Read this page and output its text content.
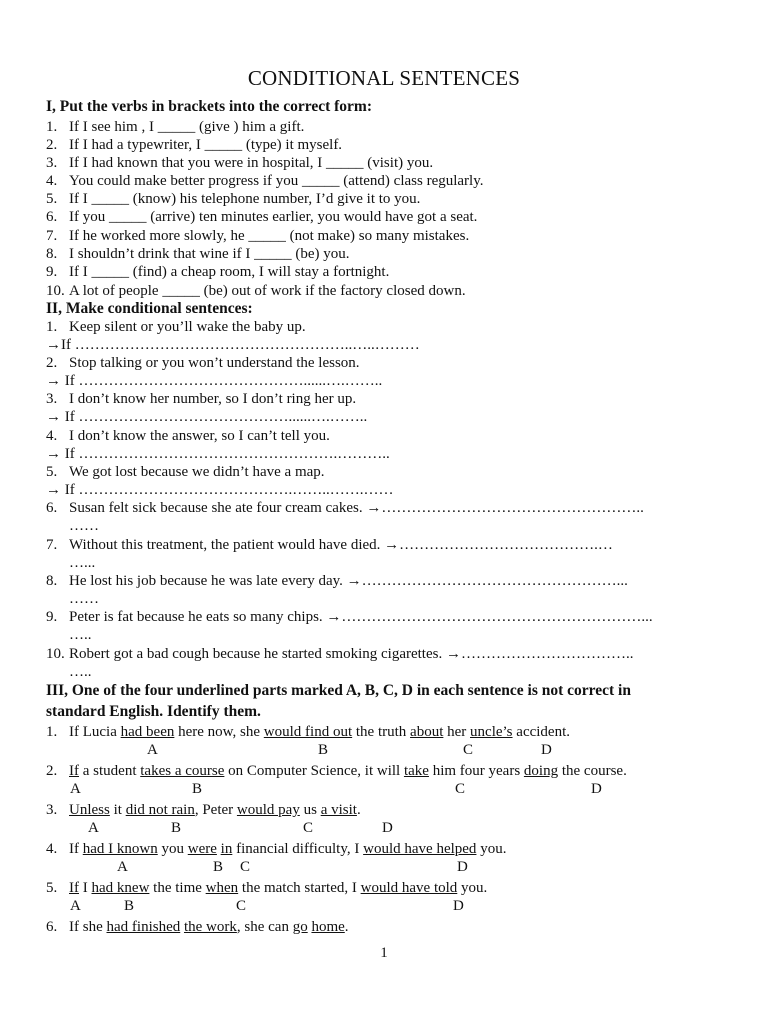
CONDITIONAL SENTENCES
I, Put the verbs in brackets into the correct form:
1. If I see him , I _____ (give ) him a gift.
2. If I had a typewriter, I _____ (type) it myself.
3. If I had known that you were in hospital, I _____ (visit) you.
4. You could make better progress if you _____ (attend) class regularly.
5. If I _____ (know) his telephone number, I’d give it to you.
6. If you _____ (arrive) ten minutes earlier, you would have got a seat.
7. If he worked more slowly, he _____ (not make) so many mistakes.
8. I shouldn’t drink that wine if I _____ (be) you.
9. If I _____ (find) a cheap room, I will stay a fortnight.
10. A lot of people _____ (be) out of work if the factory closed down.
II, Make conditional sentences:
1. Keep silent or you’ll wake the baby up.
→If ………………………………………………..…..………
2. Stop talking or you won’t understand the lesson.
→ If ………………………………………......….……..
3. I don’t know her number, so I don’t ring her up.
→ If ……………………………………......….……..
4. I don’t know the answer, so I can’t tell you.
→ If …………………………………………….………..
5. We got lost because we didn’t have a map.
→ If …………………………………….……..…….……
6. Susan felt sick because she ate four cream cakes. →……………………………………………..
……
7. Without this treatment, the patient would have died. →………………………………….…
…...
8. He lost his job because he was late every day. →……………………………………………...
……
9. Peter is fat because he eats so many chips. →……………………………………………………...
…..
10. Robert got a bad cough because he started smoking cigarettes. →……………………………..
…..
III, One of the four underlined parts marked A, B, C, D in each sentence is not correct in
standard English. Identify them.
1. If Lucia had been here now, she would find out the truth about her uncle’s accident.
A	B	C	D
2. If a student takes a course on Computer Science, it will take him four years doing the course.
A	B	C	D
3. Unless it did not rain, Peter would pay us a visit.
A	B	C	D
4. If had I known you were in financial difficulty, I would have helped you.
A	B C	D
5. If I had knew the time when the match started, I would have told you.
A	B	C	D
6. If she had finished the work, she can go home.
1
